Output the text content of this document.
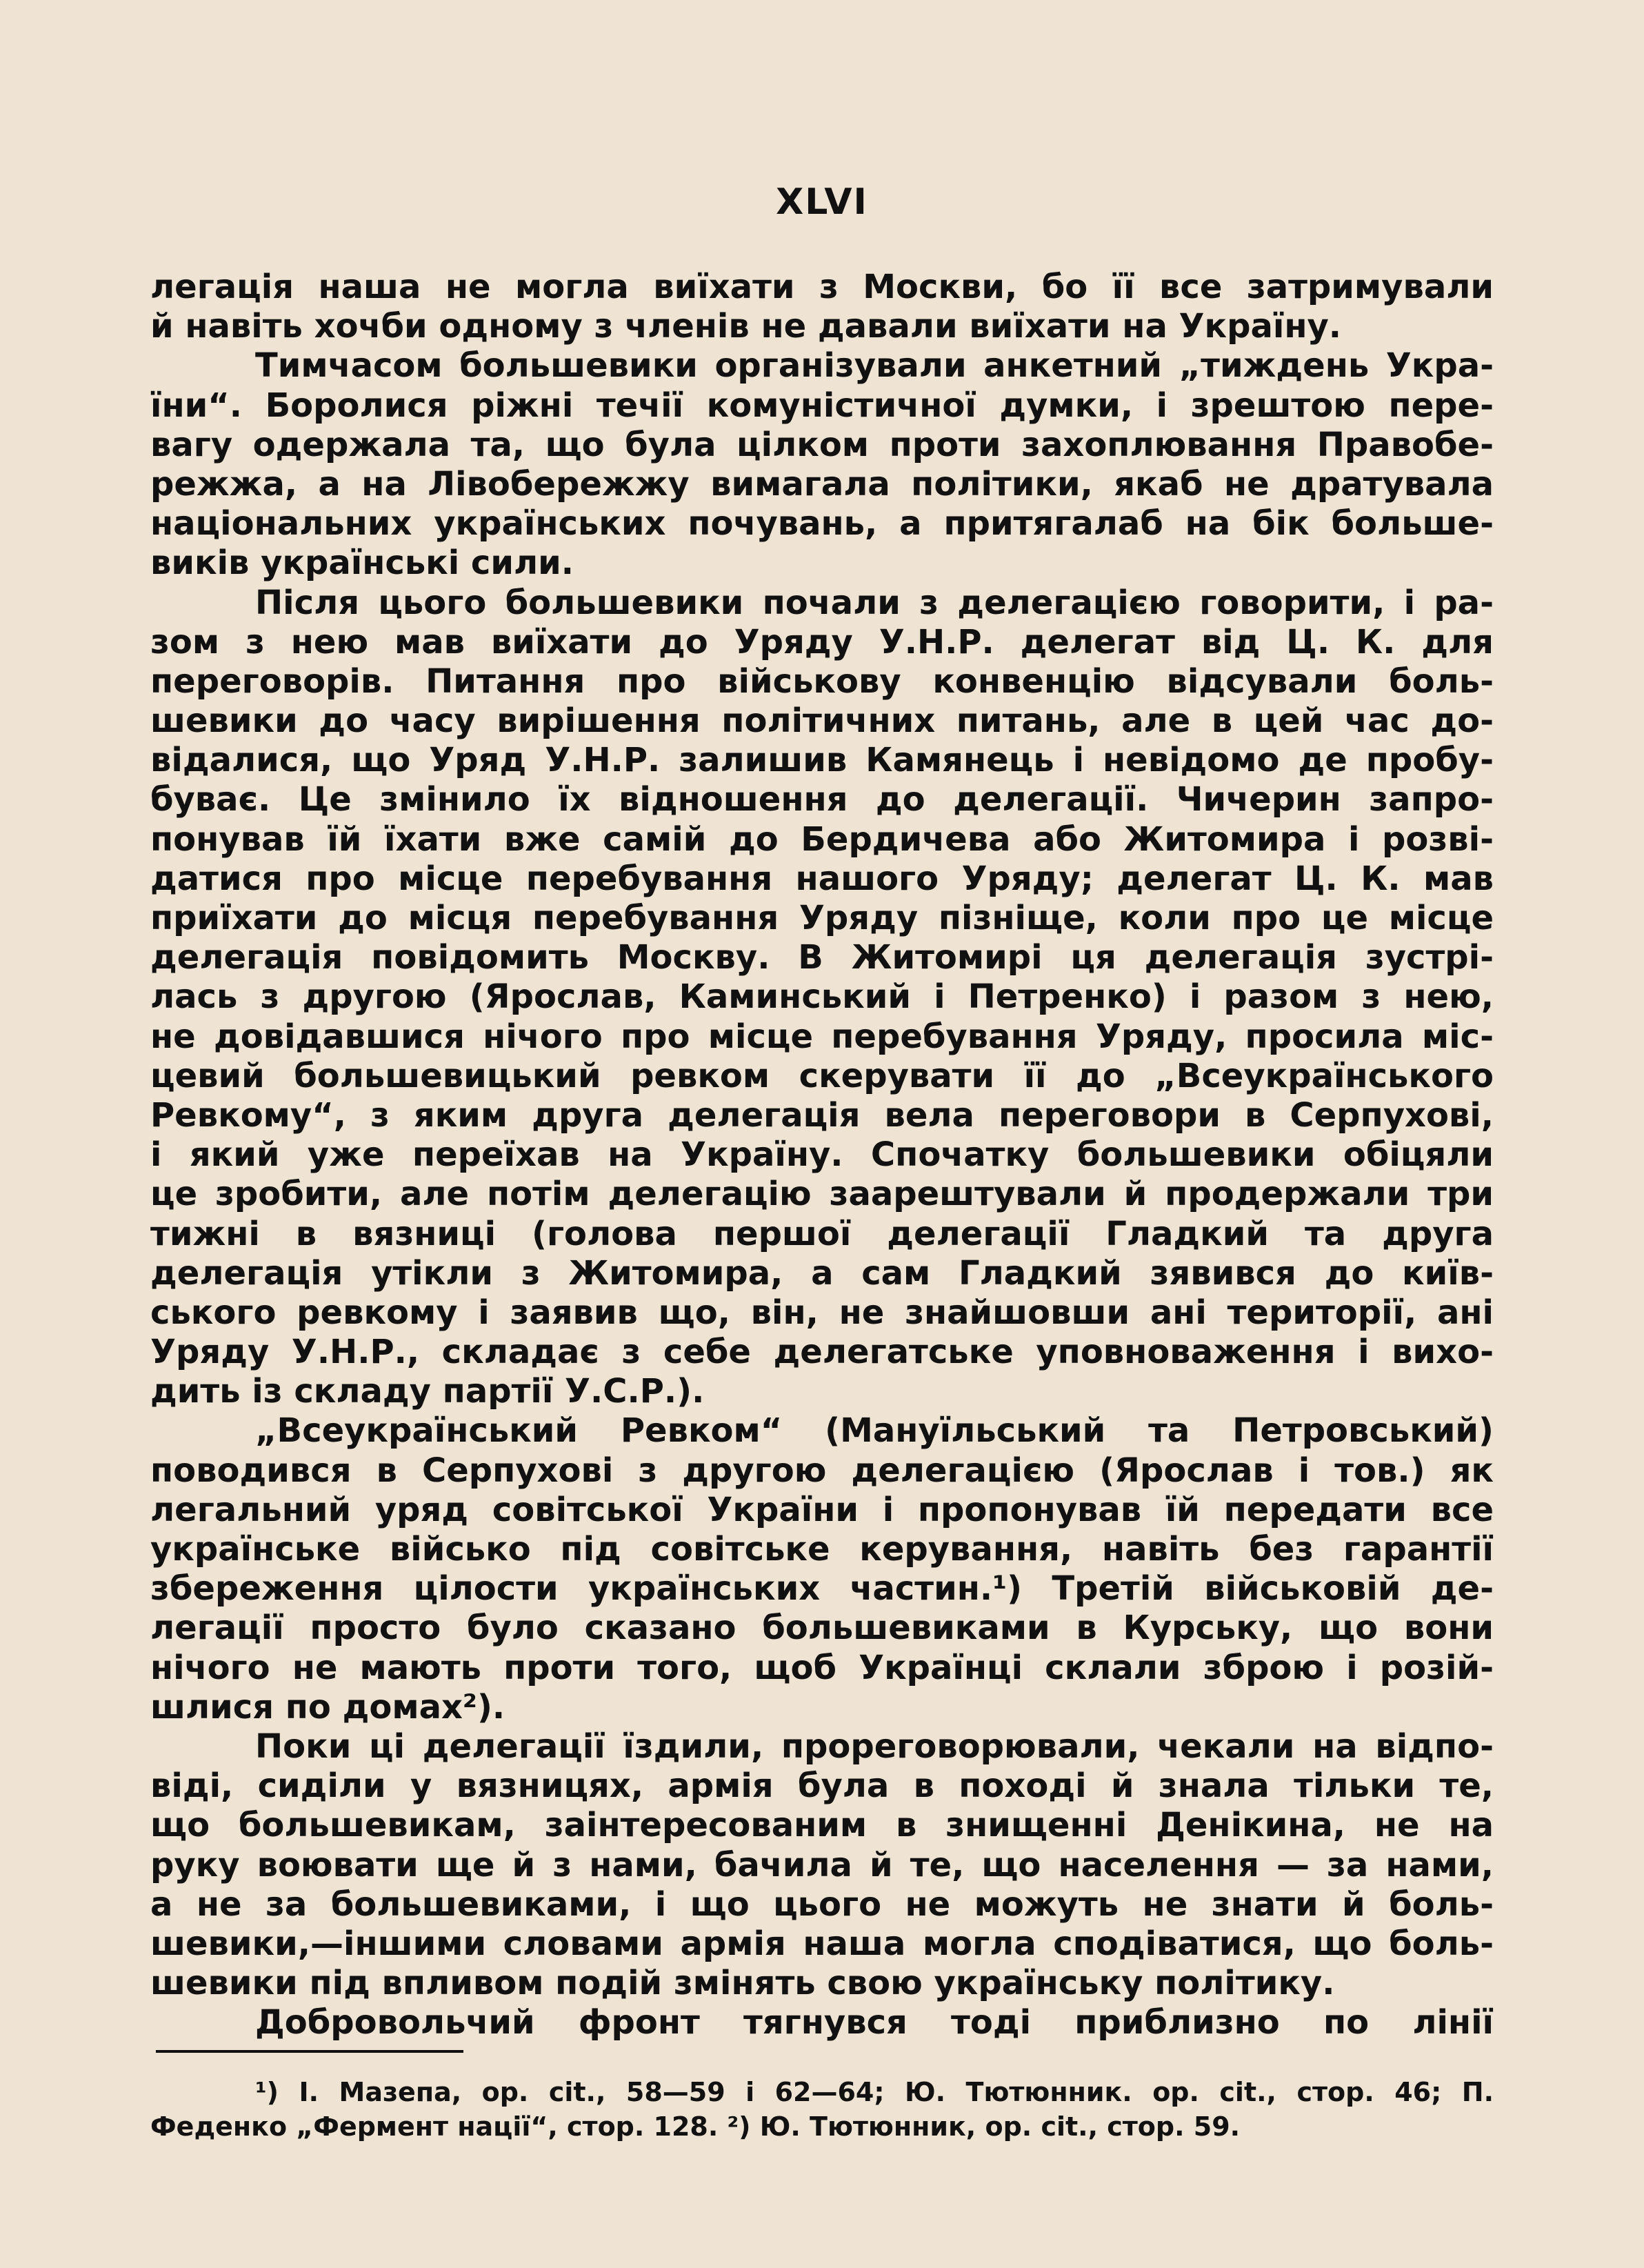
XLVI
легація наша не могла виїхати з Москви, бо її все затримували
й навіть хочби одному з членів не давали виїхати на Україну.
Тимчасом большевики організували анкетний „тиждень Укра-
їни“. Боролися ріжні течії комуністичної думки, і зрештою пере-
вагу одержала та, що була цілком проти захоплювання Правобе-
режжа, а на Лівобережжу вимагала політики, якаб не дратувала
національних українських почувань, а притягалаб на бік большe-
виків українські сили.
Після цього большевики почали з делегацією говорити, і ра-
зом з нею мав виїхати до Уряду У.Н.Р. делегат від Ц. К. для
переговорів. Питання про військову конвенцію відсували боль-
шевики до часу вирішення політичних питань, але в цей час до-
відалися, що Уряд У.Н.Р. залишив Камянець і невідомо де пробу-
буває. Це змінило їх відношення до делегації. Чичерин запро-
понував їй їхати вже самій до Бердичева або Житомира і розві-
датися про місце перебування нашого Уряду; делегат Ц. К. мав
приїхати до місця перебування Уряду пізніще, коли про це місце
делегація повідомить Москву. В Житомирі ця делегація зустрі-
лась з другою (Ярослав, Каминський і Петренко) і разом з нею,
не довідавшися нічого про місце перебування Уряду, просила міс-
цевий большевицький ревком скерувати її до „Всеукраїнського
Ревкому“, з яким друга делегація вела переговори в Серпухові,
і який уже переїхав на Україну. Спочатку большевики обіцяли
це зробити, але потім делегацію заарештували й продержали три
тижні в вязниці (голова першої делегації Гладкий та друга
делегація утікли з Житомира, а сам Гладкий зявився до київ-
ського ревкому і заявив що, він, не знайшовши ані території, ані
Уряду У.Н.Р., складає з себе делегатське уповноваження і вихо-
дить із складу партії У.С.Р.).
„Всеукраїнський Ревком“ (Мануїльський та Петровський)
поводився в Серпухові з другою делегацією (Ярослав і тов.) як
легальний уряд совітської України і пропонував їй передати все
українське військо під совітське керування, навіть без гарантії
збереження цілости українських частин.¹) Третій військовій де-
легації просто було сказано большевиками в Курську, що вони
нічого не мають проти того, щоб Українці склали зброю і розій-
шлися по домах²).
Поки ці делегації їздили, прореговорювали, чекали на відпо-
віді, сиділи у вязницях, армія була в поході й знала тільки те,
що большевикам, заінтересованим в знищенні Денікина, не на
руку воювати ще й з нами, бачила й те, що населення — за нами,
а не за большевиками, і що цього не можуть не знати й боль-
шевики,—іншими словами армія наша могла сподіватися, що боль-
шевики під впливом подій змінять свою українську політику.
Добровольчий фронт тягнувся тоді приблизно по лінії
¹) І. Мазепа, op. cit., 58—59 і 62—64; Ю. Тютюнник. op. cit., стор. 46; П.
Феденко „Фермент нації“, стор. 128. ²) Ю. Тютюнник, op. cit., стор. 59.
